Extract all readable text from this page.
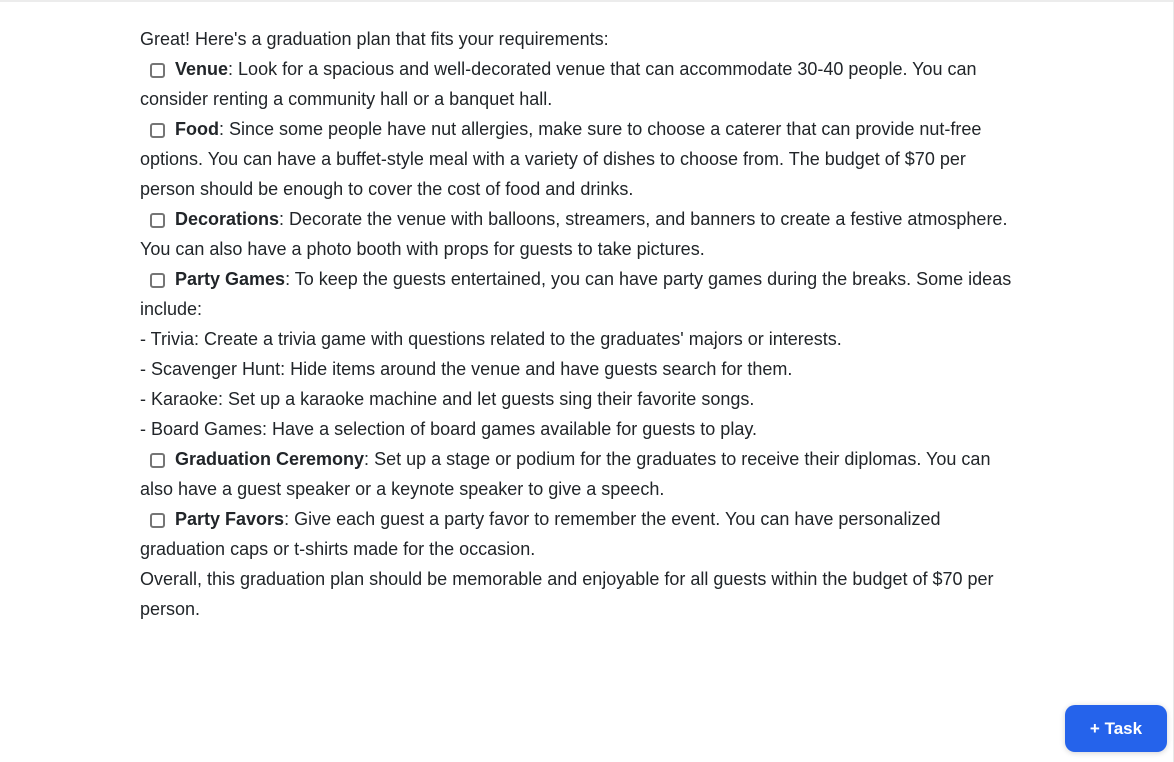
Great! Here's a graduation plan that fits your requirements:

Venue: Look for a spacious and well-decorated venue that can accommodate 30-40 people. You can consider renting a community hall or a banquet hall.

Food: Since some people have nut allergies, make sure to choose a caterer that can provide nut-free options. You can have a buffet-style meal with a variety of dishes to choose from. The budget of $70 per person should be enough to cover the cost of food and drinks.

Decorations: Decorate the venue with balloons, streamers, and banners to create a festive atmosphere. You can also have a photo booth with props for guests to take pictures.

Party Games: To keep the guests entertained, you can have party games during the breaks. Some ideas include:

- Trivia: Create a trivia game with questions related to the graduates' majors or interests.

- Scavenger Hunt: Hide items around the venue and have guests search for them.

- Karaoke: Set up a karaoke machine and let guests sing their favorite songs.

- Board Games: Have a selection of board games available for guests to play.

Graduation Ceremony: Set up a stage or podium for the graduates to receive their diplomas. You can also have a guest speaker or a keynote speaker to give a speech.

Party Favors: Give each guest a party favor to remember the event. You can have personalized graduation caps or t-shirts made for the occasion.

Overall, this graduation plan should be memorable and enjoyable for all guests within the budget of $70 per person.

+ Task
